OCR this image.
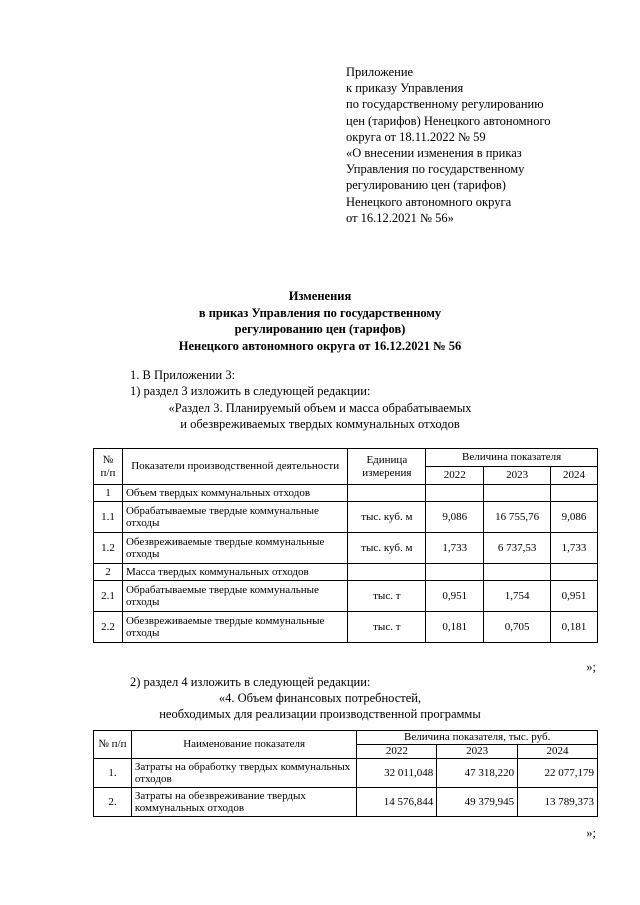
Приложение
к приказу Управления
по государственному регулированию
цен (тарифов) Ненецкого автономного
округа от 18.11.2022 № 59
«О внесении изменения в приказ
Управления по государственному
регулированию цен (тарифов)
Ненецкого автономного округа
от 16.12.2021 № 56»
Изменения
в приказ Управления по государственному
регулированию цен (тарифов)
Ненецкого автономного округа от 16.12.2021 № 56
1. В Приложении 3:
1) раздел 3 изложить в следующей редакции:
«Раздел 3. Планируемый объем и масса обрабатываемых
и обезвреживаемых твердых коммунальных отходов
№ п/п	Показатели производственной деятельности	Единица измерения	Величина показателя		
			2022	2023	2024
1	Объем твердых коммунальных отходов				
1.1	Обрабатываемые твердые коммунальные отходы	тыс. куб. м	9,086	16 755,76	9,086
1.2	Обезвреживаемые твердые коммунальные отходы	тыс. куб. м	1,733	6 737,53	1,733
2	Масса твердых коммунальных отходов				
2.1	Обрабатываемые твердые коммунальные отходы	тыс. т	0,951	1,754	0,951
2.2	Обезвреживаемые твердые коммунальные отходы	тыс. т	0,181	0,705	0,181
»;
2) раздел 4 изложить в следующей редакции:
«4. Объем финансовых потребностей,
необходимых для реализации производственной программы
№ п/п	Наименование показателя	Величина показателя, тыс. руб.		
		2022	2023	2024
1.	Затраты на обработку твердых коммунальных отходов	32 011,048	47 318,220	22 077,179
2.	Затраты на обезвреживание твердых коммунальных отходов	14 576,844	49 379,945	13 789,373
»;
